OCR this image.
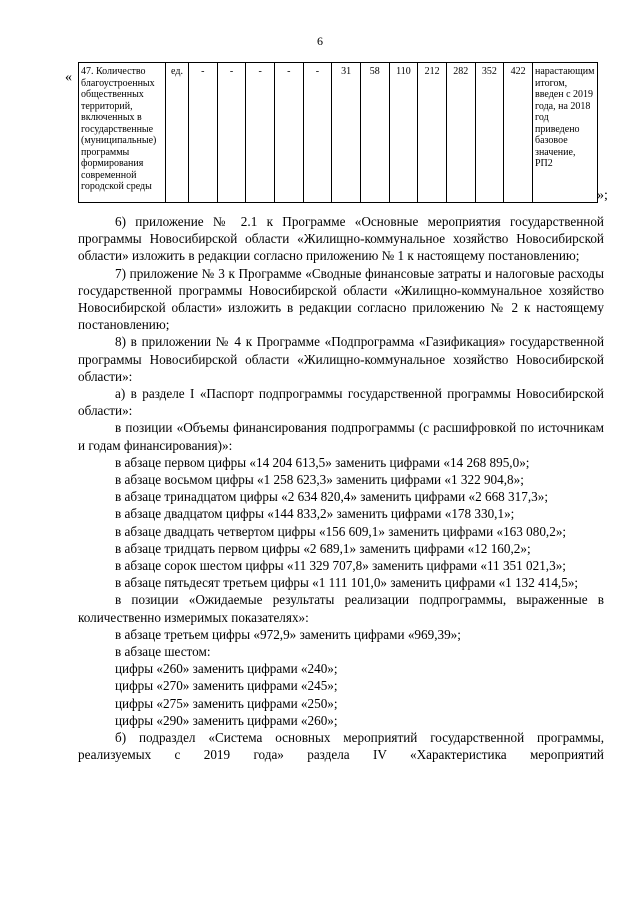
6
« 47. Количество благоустроенных общественных территорий, включенных в государственные (муниципальные) программы формирования современной городской среды	ед.	-	-	-	-	-	31	58	110	212	282	352	422	нарастающим итогом, введен с 2019 года, на 2018 год приведено базовое значение, РП2
»;

6) приложение № 2.1 к Программе «Основные мероприятия государственной программы Новосибирской области «Жилищно-коммунальное хозяйство Новосибирской области» изложить в редакции согласно приложению № 1 к настоящему постановлению;

7) приложение № 3 к Программе «Сводные финансовые затраты и налоговые расходы государственной программы Новосибирской области «Жилищно-коммунальное хозяйство Новосибирской области» изложить в редакции согласно приложению № 2 к настоящему постановлению;

8) в приложении № 4 к Программе «Подпрограмма «Газификация» государственной программы Новосибирской области «Жилищно-коммунальное хозяйство Новосибирской области»:

а) в разделе I «Паспорт подпрограммы государственной программы Новосибирской области»:

в позиции «Объемы финансирования подпрограммы (с расшифровкой по источникам и годам финансирования)»:

в абзаце первом цифры «14 204 613,5» заменить цифрами «14 268 895,0»;

в абзаце восьмом цифры «1 258 623,3» заменить цифрами «1 322 904,8»;

в абзаце тринадцатом цифры «2 634 820,4» заменить цифрами «2 668 317,3»;

в абзаце двадцатом цифры «144 833,2» заменить цифрами «178 330,1»;

в абзаце двадцать четвертом цифры «156 609,1» заменить цифрами «163 080,2»;

в абзаце тридцать первом цифры «2 689,1» заменить цифрами «12 160,2»;

в абзаце сорок шестом цифры «11 329 707,8» заменить цифрами «11 351 021,3»;

в абзаце пятьдесят третьем цифры «1 111 101,0» заменить цифрами «1 132 414,5»;

в позиции «Ожидаемые результаты реализации подпрограммы, выраженные в количественно измеримых показателях»:

в абзаце третьем цифры «972,9» заменить цифрами «969,39»;

в абзаце шестом:

цифры «260» заменить цифрами «240»;

цифры «270» заменить цифрами «245»;

цифры «275» заменить цифрами «250»;

цифры «290» заменить цифрами «260»;

б) подраздел «Система основных мероприятий государственной программы, реализуемых с 2019 года» раздела IV «Характеристика мероприятий
